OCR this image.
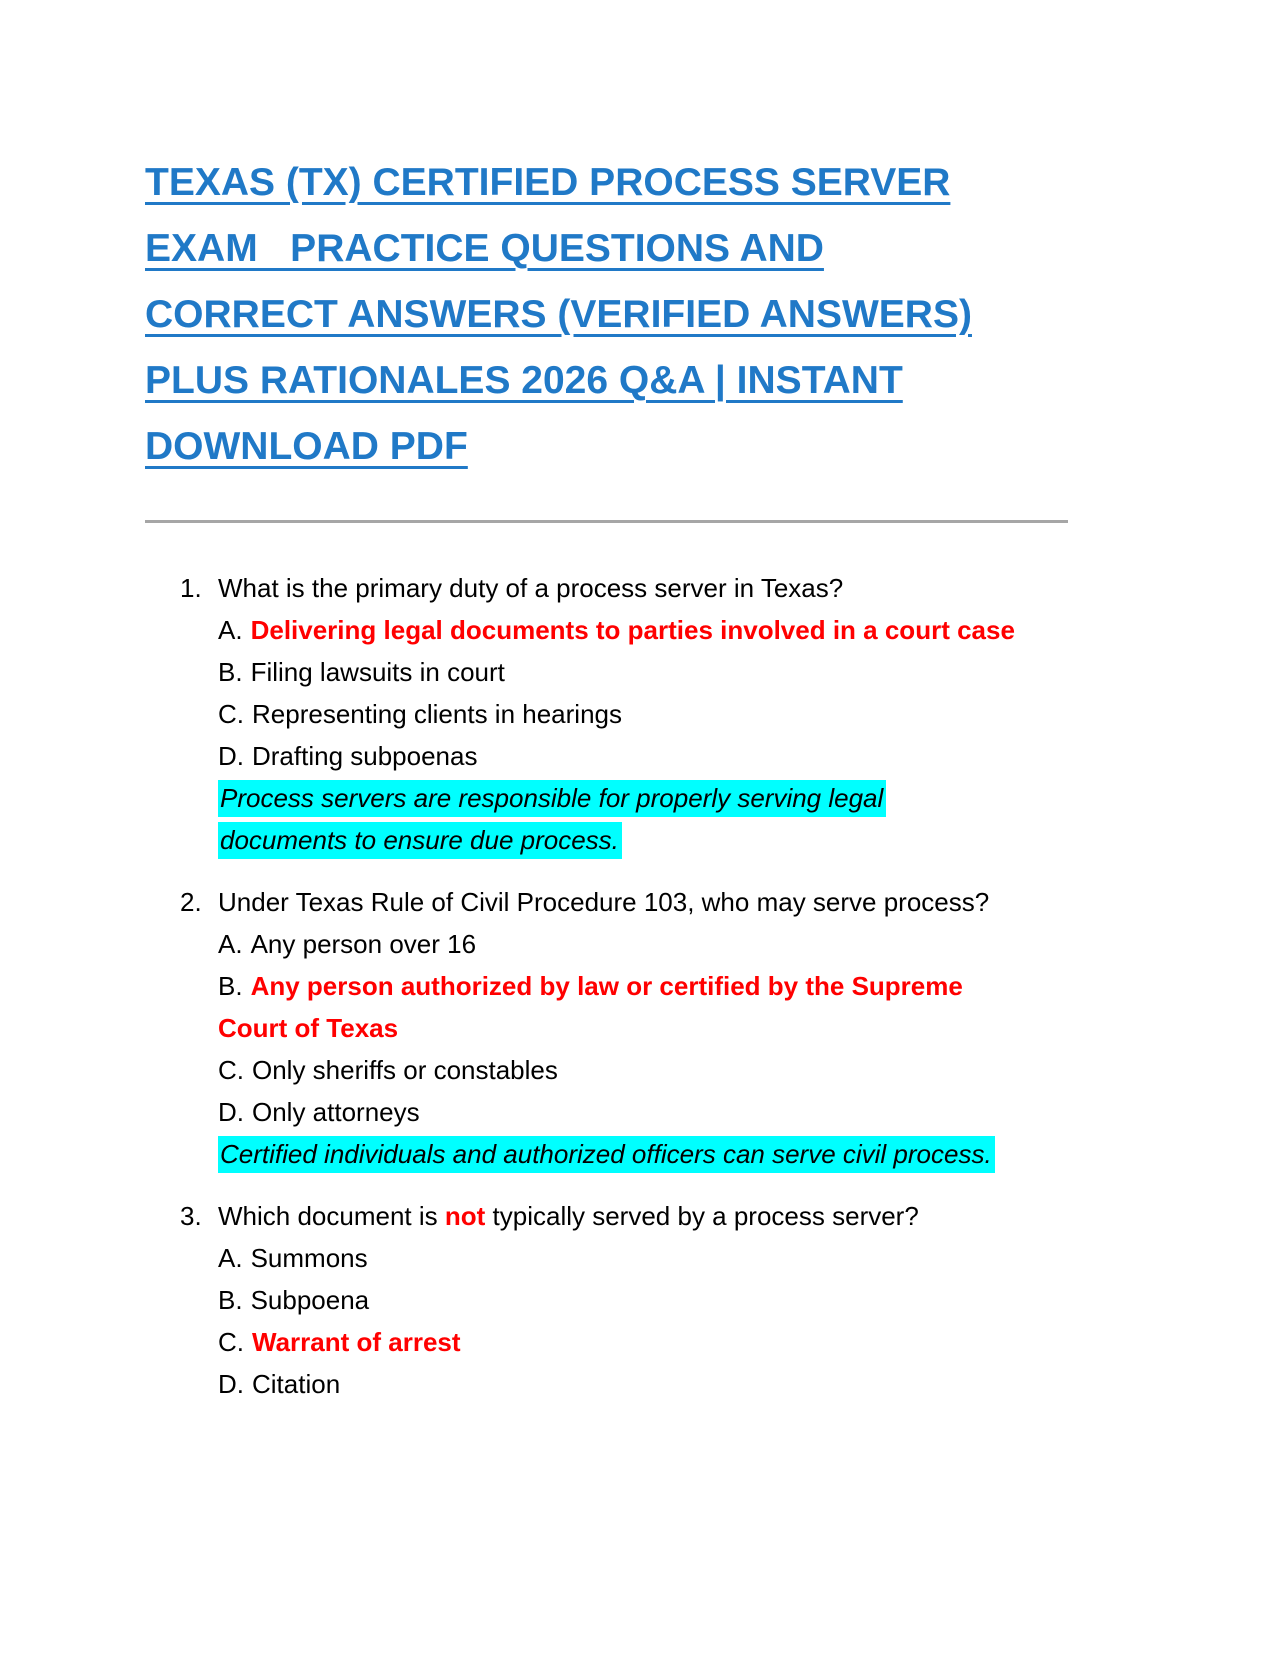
TEXAS (TX) CERTIFIED PROCESS SERVER
EXAM   PRACTICE QUESTIONS AND
CORRECT ANSWERS (VERIFIED ANSWERS)
PLUS RATIONALES 2026 Q&A | INSTANT
DOWNLOAD PDF
1. What is the primary duty of a process server in Texas?
A. Delivering legal documents to parties involved in a court case
B. Filing lawsuits in court
C. Representing clients in hearings
D. Drafting subpoenas
Process servers are responsible for properly serving legal
documents to ensure due process.
2. Under Texas Rule of Civil Procedure 103, who may serve process?
A. Any person over 16
B. Any person authorized by law or certified by the Supreme
Court of Texas
C. Only sheriffs or constables
D. Only attorneys
Certified individuals and authorized officers can serve civil process.
3. Which document is not typically served by a process server?
A. Summons
B. Subpoena
C. Warrant of arrest
D. Citation
